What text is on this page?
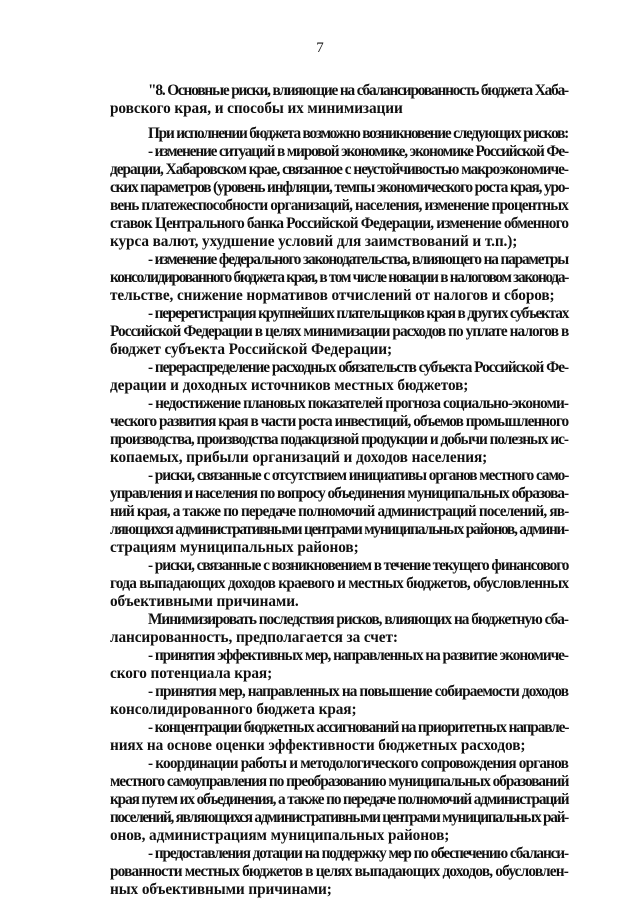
7
"8. Основные риски, влияющие на сбалансированность бюджета Хаба-
ровского края, и способы их минимизации
При исполнении бюджета возможно возникновение следующих рисков:
- изменение ситуаций в мировой экономике, экономике Российской Фе-
дерации, Хабаровском крае, связанное с неустойчивостью макроэкономиче-
ских параметров (уровень инфляции, темпы экономического роста края, уро-
вень платежеспособности организаций, населения, изменение процентных
ставок Центрального банка Российской Федерации, изменение обменного
курса валют, ухудшение условий для заимствований и т.п.);
- изменение федерального законодательства, влияющего на параметры
консолидированного бюджета края, в том числе новации в налоговом законода-
тельстве, снижение нормативов отчислений от налогов и сборов;
- перерегистрация крупнейших плательщиков края в других субъектах
Российской Федерации в целях минимизации расходов по уплате налогов в
бюджет субъекта Российской Федерации;
- перераспределение расходных обязательств субъекта Российской Фе-
дерации и доходных источников местных бюджетов;
- недостижение плановых показателей прогноза социально-экономи-
ческого развития края в части роста инвестиций, объемов промышленного
производства, производства подакцизной продукции и добычи полезных ис-
копаемых, прибыли организаций и доходов населения;
- риски, связанные с отсутствием инициативы органов местного само-
управления и населения по вопросу объединения муниципальных образова-
ний края, а также по передаче полномочий администраций поселений, яв-
ляющихся административными центрами муниципальных районов, админи-
страциям муниципальных районов;
- риски, связанные с возникновением в течение текущего финансового
года выпадающих доходов краевого и местных бюджетов, обусловленных
объективными причинами.
Минимизировать последствия рисков, влияющих на бюджетную сба-
лансированность, предполагается за счет:
- принятия эффективных мер, направленных на развитие экономиче-
ского потенциала края;
- принятия мер, направленных на повышение собираемости доходов
консолидированного бюджета края;
- концентрации бюджетных ассигнований на приоритетных направле-
ниях на основе оценки эффективности бюджетных расходов;
- координации работы и методологического сопровождения органов
местного самоуправления по преобразованию муниципальных образований
края путем их объединения, а также по передаче полномочий администраций
поселений, являющихся административными центрами муниципальных рай-
онов, администрациям муниципальных районов;
- предоставления дотации на поддержку мер по обеспечению сбаланси-
рованности местных бюджетов в целях выпадающих доходов, обусловлен-
ных объективными причинами;
